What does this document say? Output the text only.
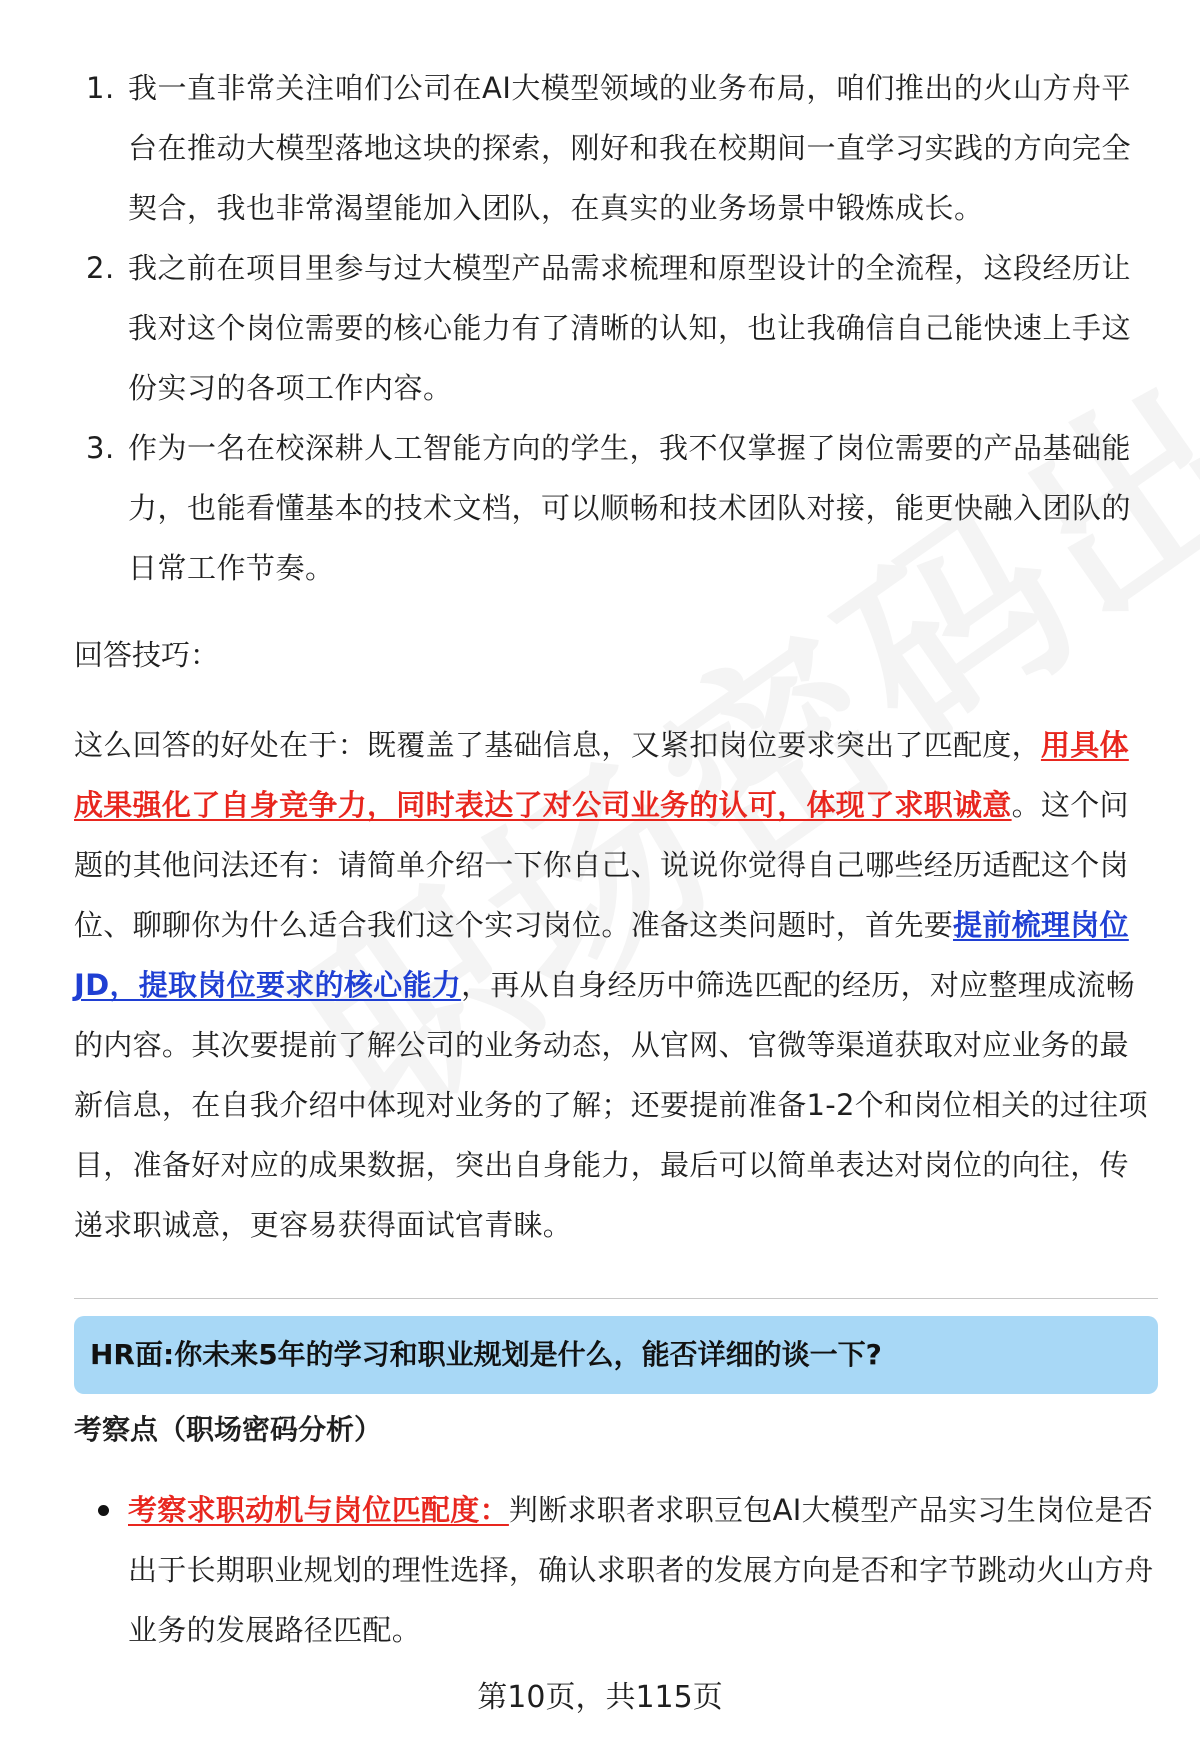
1. 我一直非常关注咱们公司在AI大模型领域的业务布局，咱们推出的火山方舟平台在推动大模型落地这块的探索，刚好和我在校期间一直学习实践的方向完全契合，我也非常渴望能加入团队，在真实的业务场景中锻炼成长。
2. 我之前在项目里参与过大模型产品需求梳理和原型设计的全流程，这段经历让我对这个岗位需要的核心能力有了清晰的认知，也让我确信自己能快速上手这份实习的各项工作内容。
3. 作为一名在校深耕人工智能方向的学生，我不仅掌握了岗位需要的产品基础能力，也能看懂基本的技术文档，可以顺畅和技术团队对接，能更快融入团队的日常工作节奏。
回答技巧：
这么回答的好处在于：既覆盖了基础信息，又紧扣岗位要求突出了匹配度，用具体成果强化了自身竞争力，同时表达了对公司业务的认可，体现了求职诚意。这个问题的其他问法还有：请简单介绍一下你自己、说说你觉得自己哪些经历适配这个岗位、聊聊你为什么适合我们这个实习岗位。准备这类问题时，首先要提前梳理岗位JD，提取岗位要求的核心能力，再从自身经历中筛选匹配的经历，对应整理成流畅的内容。其次要提前了解公司的业务动态，从官网、官微等渠道获取对应业务的最新信息，在自我介绍中体现对业务的了解；还要提前准备1-2个和岗位相关的过往项目，准备好对应的成果数据，突出自身能力，最后可以简单表达对岗位的向往，传递求职诚意，更容易获得面试官青睐。
HR面:你未来5年的学习和职业规划是什么，能否详细的谈一下?
考察点（职场密码分析）
考察求职动机与岗位匹配度：判断求职者求职豆包AI大模型产品实习生岗位是否出于长期职业规划的理性选择，确认求职者的发展方向是否和字节跳动火山方舟业务的发展路径匹配。
第10页，共115页
